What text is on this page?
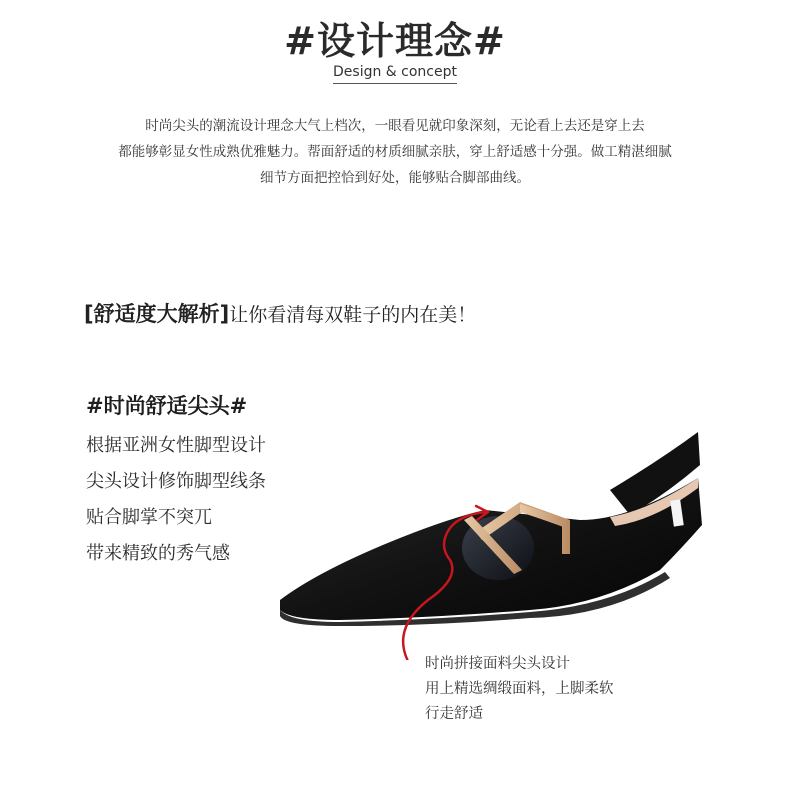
#设计理念#
Design & concept
时尚尖头的潮流设计理念大气上档次，一眼看见就印象深刻，无论看上去还是穿上去
都能够彰显女性成熟优雅魅力。帮面舒适的材质细腻亲肤，穿上舒适感十分强。做工精湛细腻
细节方面把控恰到好处，能够贴合脚部曲线。
[舒适度大解析]让你看清每双鞋子的内在美！
#时尚舒适尖头#
根据亚洲女性脚型设计
尖头设计修饰脚型线条
贴合脚掌不突兀
带来精致的秀气感
时尚拼接面料尖头设计
用上精选绸缎面料，上脚柔软
行走舒适
